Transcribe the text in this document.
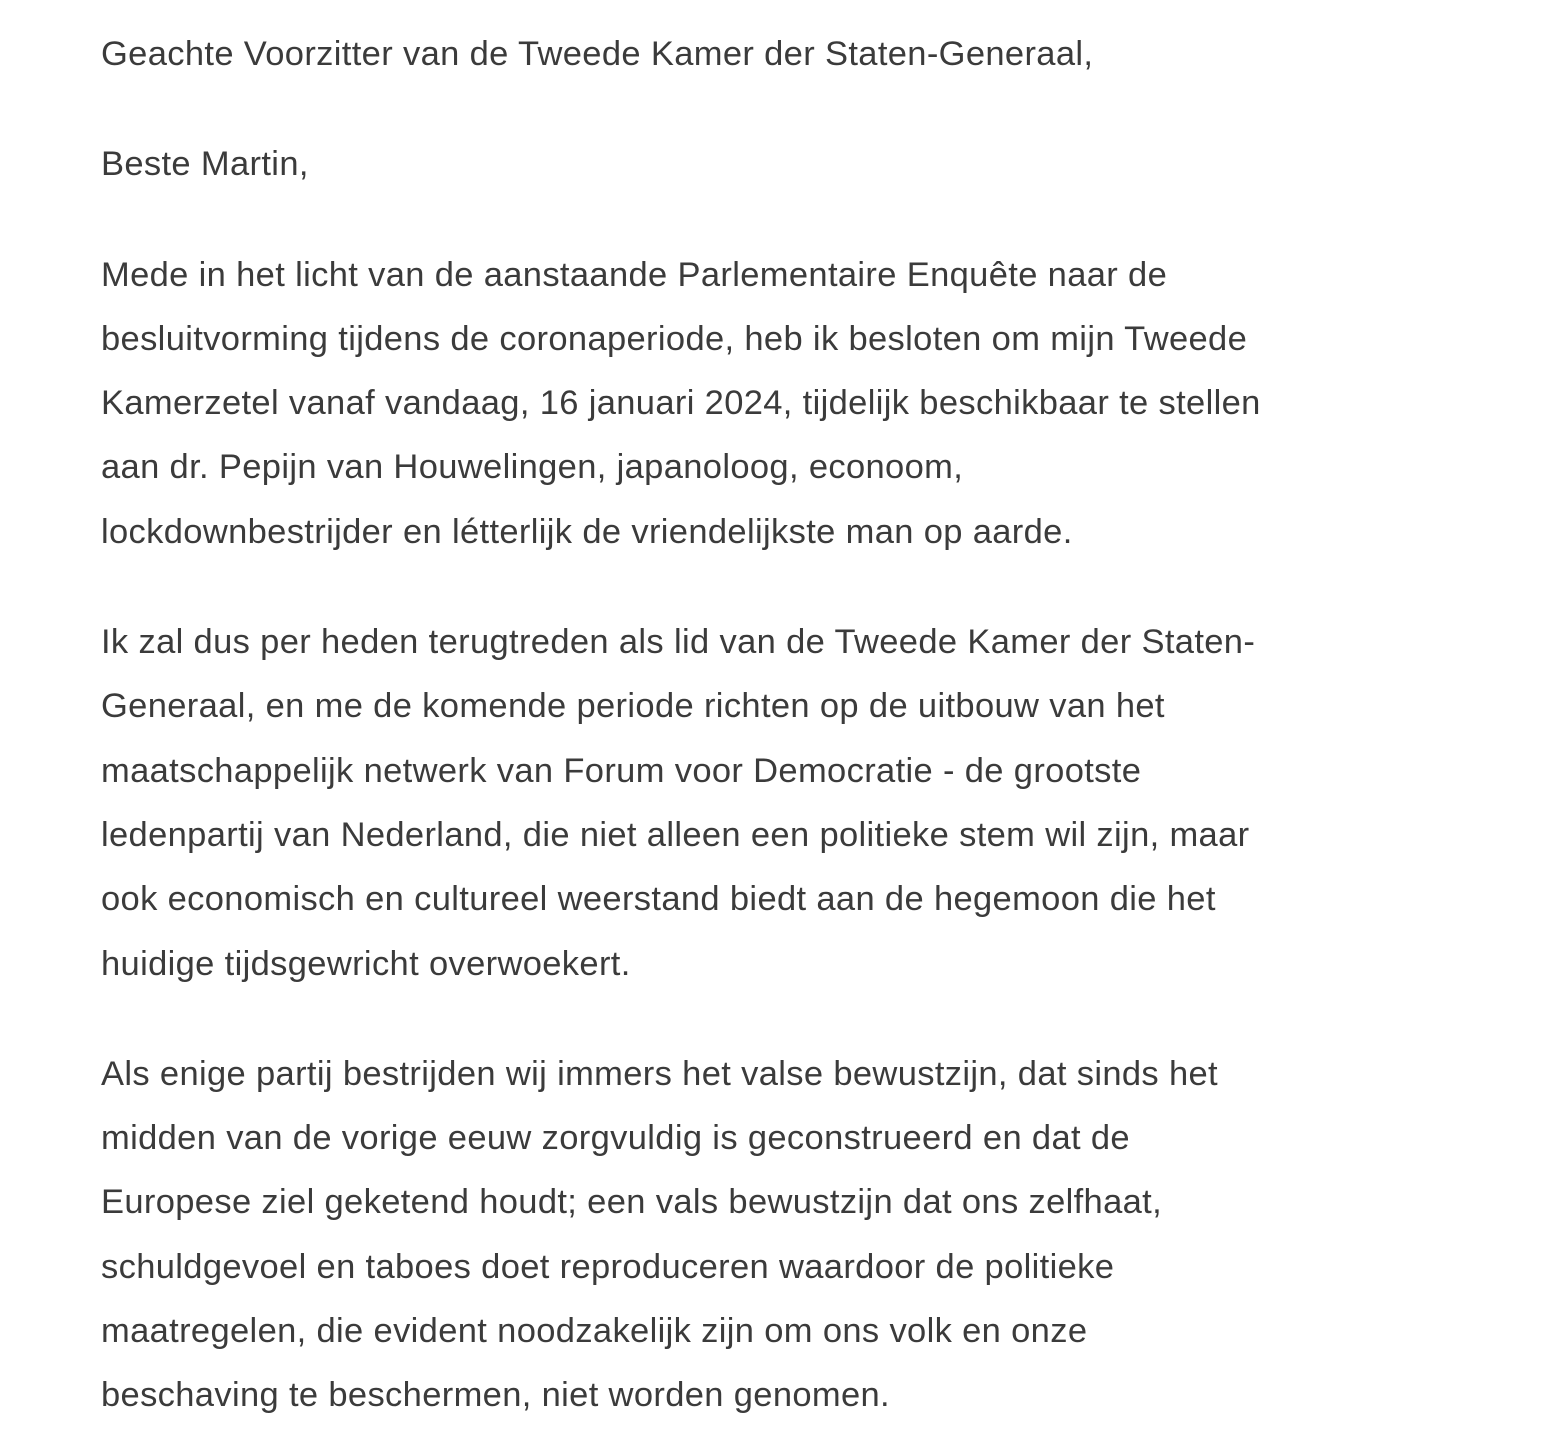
Geachte Voorzitter van de Tweede Kamer der Staten-Generaal,

Beste Martin,

Mede in het licht van de aanstaande Parlementaire Enquête naar de
besluitvorming tijdens de coronaperiode, heb ik besloten om mijn Tweede
Kamerzetel vanaf vandaag, 16 januari 2024, tijdelijk beschikbaar te stellen
aan dr. Pepijn van Houwelingen, japanoloog, econoom,
lockdownbestrijder en létterlijk de vriendelijkste man op aarde.

Ik zal dus per heden terugtreden als lid van de Tweede Kamer der Staten-
Generaal, en me de komende periode richten op de uitbouw van het
maatschappelijk netwerk van Forum voor Democratie - de grootste
ledenpartij van Nederland, die niet alleen een politieke stem wil zijn, maar
ook economisch en cultureel weerstand biedt aan de hegemoon die het
huidige tijdsgewricht overwoekert.

Als enige partij bestrijden wij immers het valse bewustzijn, dat sinds het
midden van de vorige eeuw zorgvuldig is geconstrueerd en dat de
Europese ziel geketend houdt; een vals bewustzijn dat ons zelfhaat,
schuldgevoel en taboes doet reproduceren waardoor de politieke
maatregelen, die evident noodzakelijk zijn om ons volk en onze
beschaving te beschermen, niet worden genomen.
